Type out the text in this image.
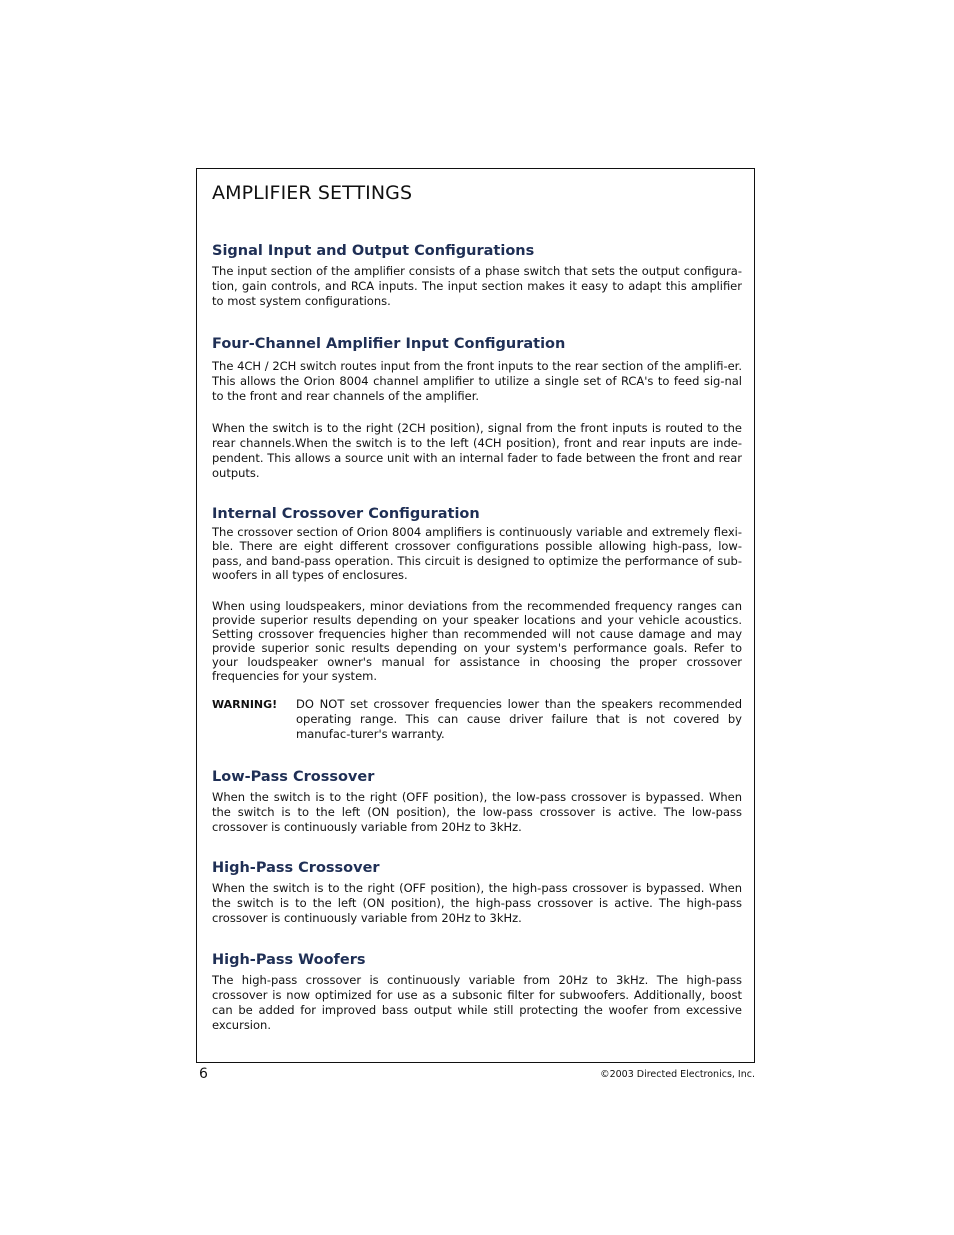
AMPLIFIER SETTINGS
Signal Input and Output Configurations

The input section of the amplifier consists of a phase switch that sets the output configura-tion, gain controls, and RCA inputs. The input section makes it easy to adapt this amplifier to most system configurations.

Four-Channel Amplifier Input Configuration

The 4CH / 2CH switch routes input from the front inputs to the rear section of the amplifi-er. This allows the Orion 8004 channel amplifier to utilize a single set of RCA's to feed sig-nal to the front and rear channels of the amplifier.

When the switch is to the right (2CH position), signal from the front inputs is routed to the rear channels.When the switch is to the left (4CH position), front and rear inputs are inde-pendent. This allows a source unit with an internal fader to fade between the front and rear outputs.

Internal Crossover Configuration

The crossover section of Orion 8004 amplifiers is continuously variable and extremely flexi-ble. There are eight different crossover configurations possible allowing high-pass, low-pass, and band-pass operation. This circuit is designed to optimize the performance of sub-woofers in all types of enclosures.

When using loudspeakers, minor deviations from the recommended frequency ranges can provide superior results depending on your speaker locations and your vehicle acoustics. Setting crossover frequencies higher than recommended will not cause damage and may provide superior sonic results depending on your system's performance goals. Refer to your loudspeaker owner's manual for assistance in choosing the proper crossover frequencies for your system.

WARNING!	DO NOT set crossover frequencies lower than the speakers recommended operating range. This can cause driver failure that is not covered by manufac-turer's warranty.

Low-Pass Crossover

When the switch is to the right (OFF position), the low-pass crossover is bypassed. When the switch is to the left (ON position), the low-pass crossover is active. The low-pass crossover is continuously variable from 20Hz to 3kHz.

High-Pass Crossover

When the switch is to the right (OFF position), the high-pass crossover is bypassed. When the switch is to the left (ON position), the high-pass crossover is active. The high-pass crossover is continuously variable from 20Hz to 3kHz.

High-Pass Woofers

The high-pass crossover is continuously variable from 20Hz to 3kHz. The high-pass crossover is now optimized for use as a subsonic filter for subwoofers. Additionally, boost can be added for improved bass output while still protecting the woofer from excessive excursion.

6	©2003 Directed Electronics, Inc.
